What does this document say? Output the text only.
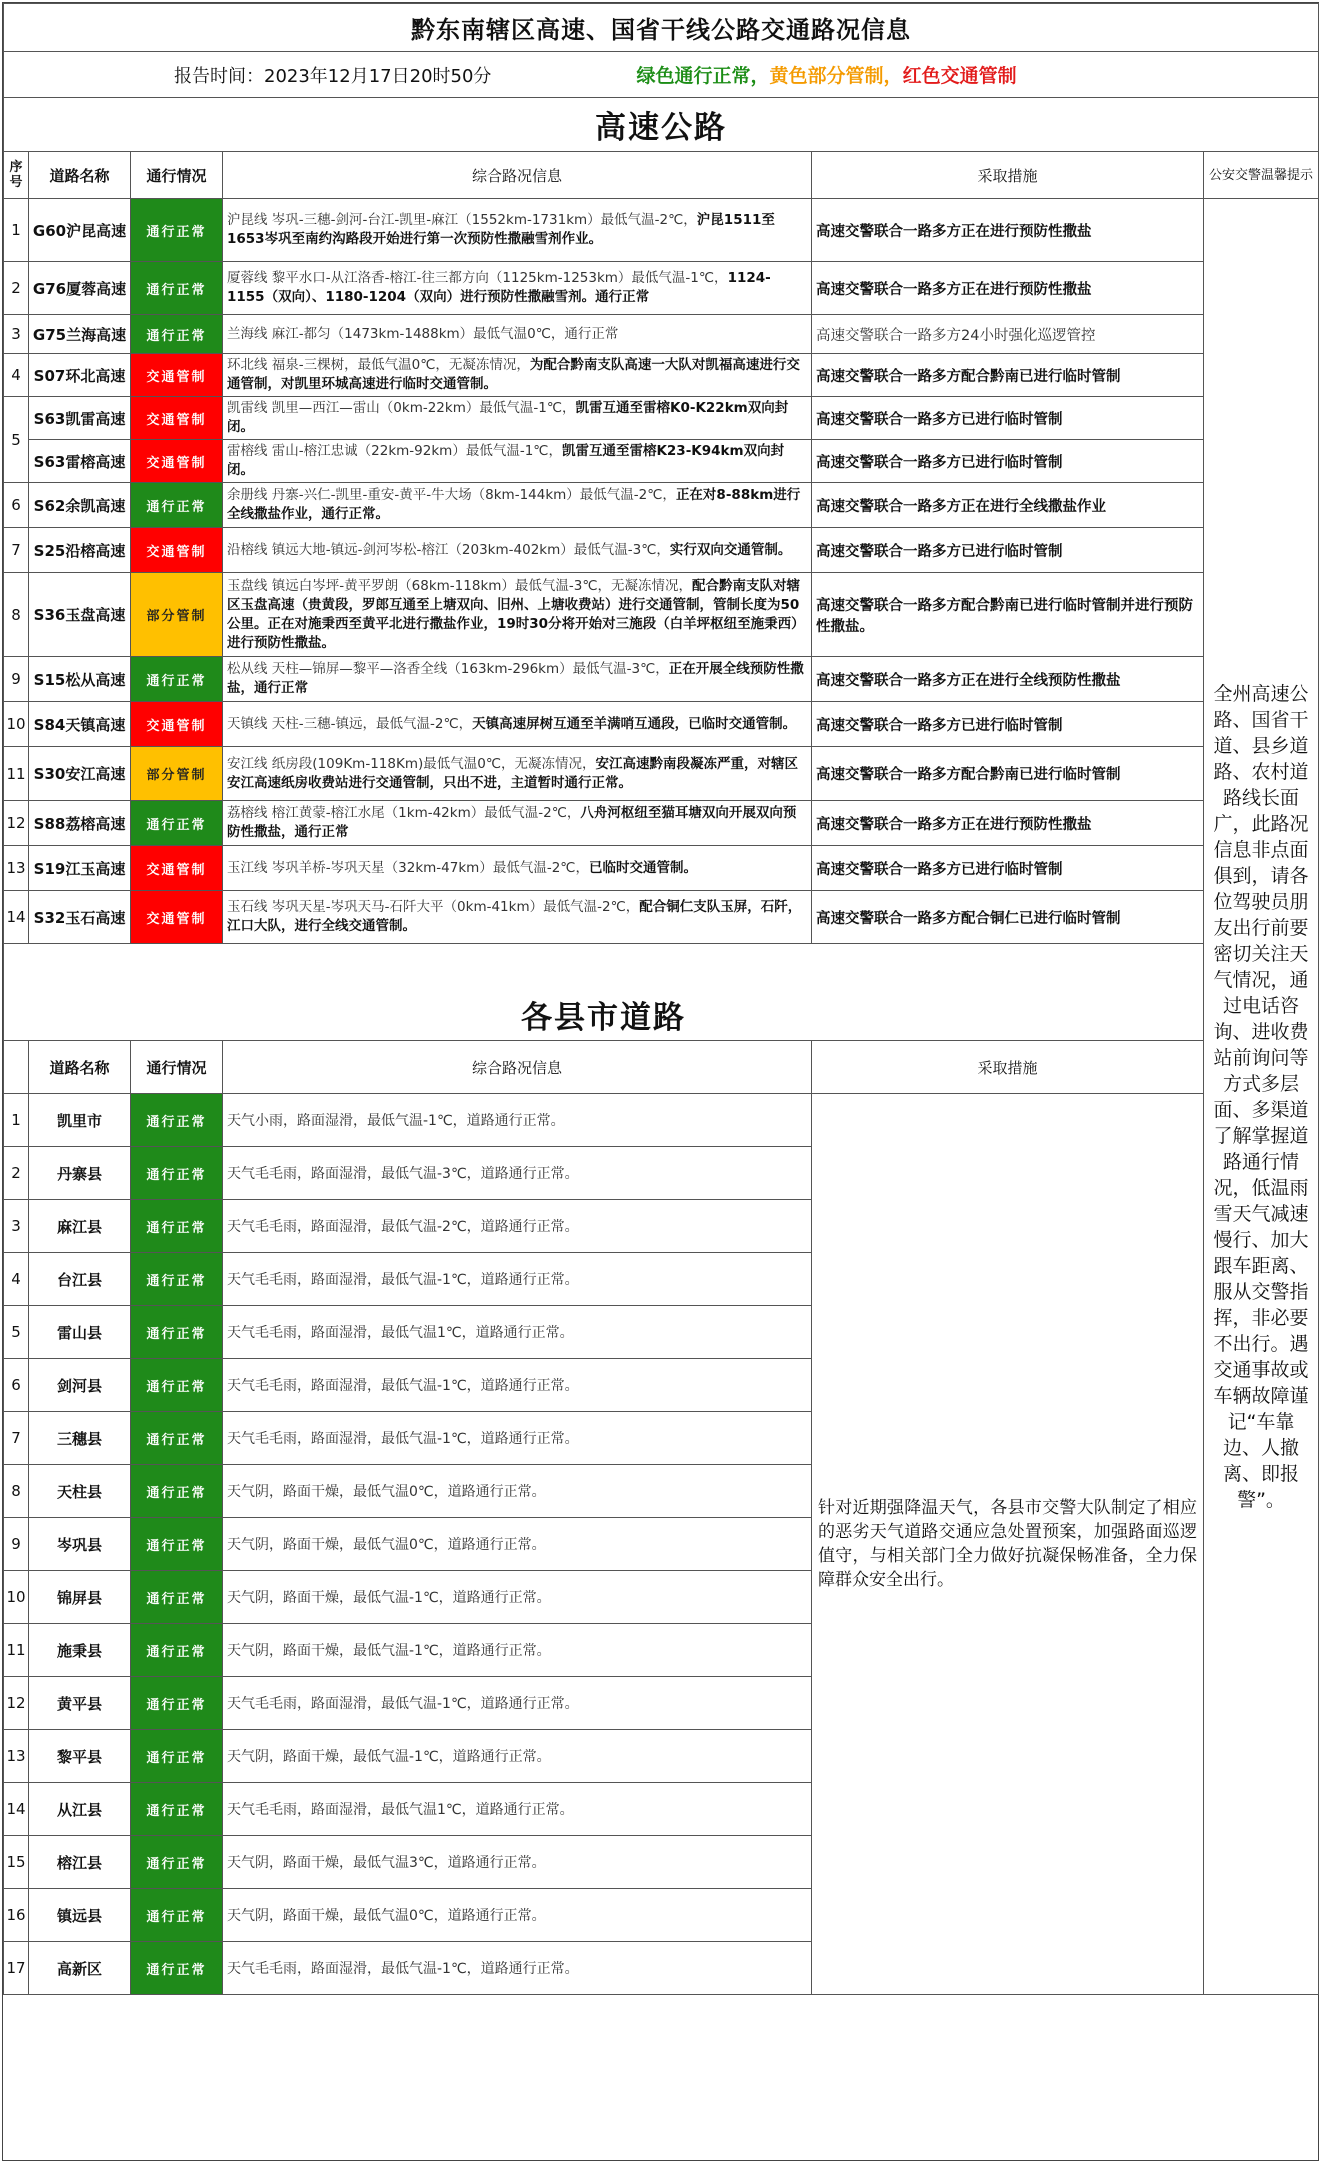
黔东南辖区高速、国省干线公路交通路况信息					
报告时间：2023年12月17日20时50分 绿色通行正常，黄色部分管制，红色交通管制					
高速公路					
序号	道路名称	通行情况	综合路况信息	采取措施	公安交警温馨提示
1	G60沪昆高速	通行正常	沪昆线 岑巩-三穗-剑河-台江-凯里-麻江（1552km-1731km）最低气温-2℃，沪昆1511至1653岑巩至南约沟路段开始进行第一次预防性撒融雪剂作业。	高速交警联合一路多方正在进行预防性撒盐	全州高速公路、国省干道、县乡道路、农村道路线长面广，此路况信息非点面俱到，请各位驾驶员朋友出行前要密切关注天气情况，通过电话咨询、进收费站前询问等方式多层面、多渠道了解掌握道路通行情况，低温雨雪天气减速慢行、加大跟车距离、服从交警指挥，非必要不出行。遇交通事故或车辆故障谨记“车靠边、人撤离、即报警”。
2	G76厦蓉高速	通行正常	厦蓉线 黎平水口-从江洛香-榕江-往三都方向（1125km-1253km）最低气温-1℃，1124-1155（双向）、1180-1204（双向）进行预防性撒融雪剂。通行正常	高速交警联合一路多方正在进行预防性撒盐	
3	G75兰海高速	通行正常	兰海线 麻江-都匀（1473km-1488km）最低气温0℃，通行正常	高速交警联合一路多方24小时强化巡逻管控	
4	S07环北高速	交通管制	环北线 福泉-三棵树，最低气温0℃，无凝冻情况，为配合黔南支队高速一大队对凯福高速进行交通管制，对凯里环城高速进行临时交通管制。	高速交警联合一路多方配合黔南已进行临时管制	
5	S63凯雷高速	交通管制	凯雷线 凯里—西江—雷山（0km-22km）最低气温-1℃，凯雷互通至雷榕K0-K22km双向封闭。	高速交警联合一路多方已进行临时管制	
	S63雷榕高速	交通管制	雷榕线 雷山-榕江忠诚（22km-92km）最低气温-1℃，凯雷互通至雷榕K23-K94km双向封闭。	高速交警联合一路多方已进行临时管制	
6	S62余凯高速	通行正常	余册线 丹寨-兴仁-凯里-重安-黄平-牛大场（8km-144km）最低气温-2℃，正在对8-88km进行全线撒盐作业，通行正常。	高速交警联合一路多方正在进行全线撒盐作业	
7	S25沿榕高速	交通管制	沿榕线 镇远大地-镇远-剑河岑松-榕江（203km-402km）最低气温-3℃，实行双向交通管制。	高速交警联合一路多方已进行临时管制	
8	S36玉盘高速	部分管制	玉盘线 镇远白岑坪-黄平罗朗（68km-118km）最低气温-3℃，无凝冻情况，配合黔南支队对辖区玉盘高速（贵黄段，罗郎互通至上塘双向、旧州、上塘收费站）进行交通管制，管制长度为50公里。正在对施秉西至黄平北进行撒盐作业，19时30分将开始对三施段（白羊坪枢纽至施秉西）进行预防性撒盐。	高速交警联合一路多方配合黔南已进行临时管制并进行预防性撒盐。	
9	S15松从高速	通行正常	松从线 天柱—锦屏—黎平—洛香全线（163km-296km）最低气温-3℃，正在开展全线预防性撒盐，通行正常	高速交警联合一路多方正在进行全线预防性撒盐	
10	S84天镇高速	交通管制	天镇线 天柱-三穗-镇远，最低气温-2℃，天镇高速屏树互通至羊满哨互通段，已临时交通管制。	高速交警联合一路多方已进行临时管制	
11	S30安江高速	部分管制	安江线 纸房段(109Km-118Km)最低气温0℃，无凝冻情况，安江高速黔南段凝冻严重，对辖区安江高速纸房收费站进行交通管制，只出不进，主道暂时通行正常。	高速交警联合一路多方配合黔南已进行临时管制	
12	S88荔榕高速	通行正常	荔榕线 榕江黄蒙-榕江水尾（1km-42km）最低气温-2℃，八舟河枢纽至猫耳塘双向开展双向预防性撒盐，通行正常	高速交警联合一路多方正在进行预防性撒盐	
13	S19江玉高速	交通管制	玉江线 岑巩羊桥-岑巩天星（32km-47km）最低气温-2℃，已临时交通管制。	高速交警联合一路多方已进行临时管制	
14	S32玉石高速	交通管制	玉石线 岑巩天星-岑巩天马-石阡大平（0km-41km）最低气温-2℃，配合铜仁支队玉屏，石阡，江口大队，进行全线交通管制。	高速交警联合一路多方配合铜仁已进行临时管制	

各县市道路					
	道路名称	通行情况	综合路况信息	采取措施	
1	凯里市	通行正常	天气小雨，路面湿滑，最低气温-1℃，道路通行正常。	针对近期强降温天气，各县市交警大队制定了相应的恶劣天气道路交通应急处置预案，加强路面巡逻值守，与相关部门全力做好抗凝保畅准备，全力保障群众安全出行。	
2	丹寨县	通行正常	天气毛毛雨，路面湿滑，最低气温-3℃，道路通行正常。		
3	麻江县	通行正常	天气毛毛雨，路面湿滑，最低气温-2℃，道路通行正常。		
4	台江县	通行正常	天气毛毛雨，路面湿滑，最低气温-1℃，道路通行正常。		
5	雷山县	通行正常	天气毛毛雨，路面湿滑，最低气温1℃，道路通行正常。		
6	剑河县	通行正常	天气毛毛雨，路面湿滑，最低气温-1℃，道路通行正常。		
7	三穗县	通行正常	天气毛毛雨，路面湿滑，最低气温-1℃，道路通行正常。		
8	天柱县	通行正常	天气阴，路面干燥，最低气温0℃，道路通行正常。		
9	岑巩县	通行正常	天气阴，路面干燥，最低气温0℃，道路通行正常。		
10	锦屏县	通行正常	天气阴，路面干燥，最低气温-1℃，道路通行正常。		
11	施秉县	通行正常	天气阴，路面干燥，最低气温-1℃，道路通行正常。		
12	黄平县	通行正常	天气毛毛雨，路面湿滑，最低气温-1℃，道路通行正常。		
13	黎平县	通行正常	天气阴，路面干燥，最低气温-1℃，道路通行正常。		
14	从江县	通行正常	天气毛毛雨，路面湿滑，最低气温1℃，道路通行正常。		
15	榕江县	通行正常	天气阴，路面干燥，最低气温3℃，道路通行正常。		
16	镇远县	通行正常	天气阴，路面干燥，最低气温0℃，道路通行正常。		
17	高新区	通行正常	天气毛毛雨，路面湿滑，最低气温-1℃，道路通行正常。		
